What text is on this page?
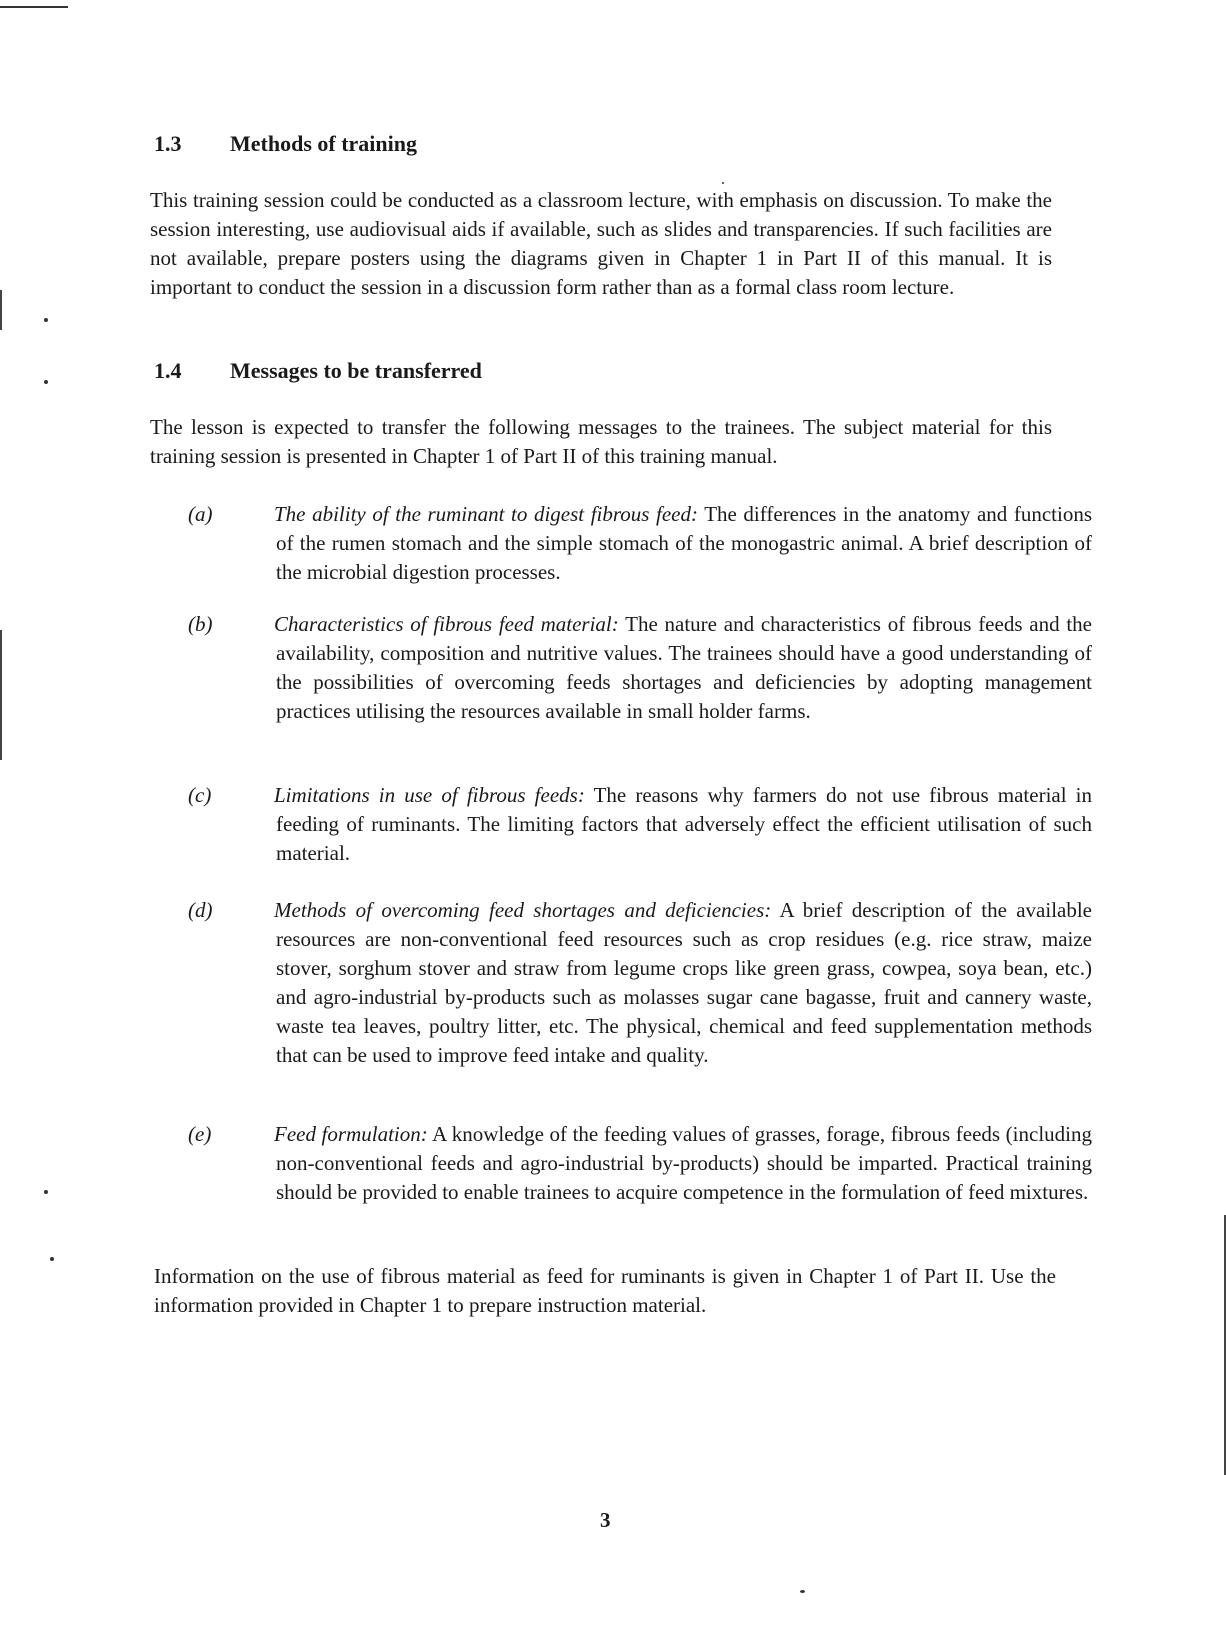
1.3 Methods of training

This training session could be conducted as a classroom lecture, with emphasis on discussion. To make the session interesting, use audiovisual aids if available, such as slides and transparencies. If such facilities are not available, prepare posters using the diagrams given in Chapter 1 in Part II of this manual. It is important to conduct the session in a discussion form rather than as a formal class room lecture.

1.4 Messages to be transferred

The lesson is expected to transfer the following messages to the trainees. The subject material for this training session is presented in Chapter 1 of Part II of this training manual.

(a)	The ability of the ruminant to digest fibrous feed: The differences in the anatomy and functions of the rumen stomach and the simple stomach of the monogastric animal. A brief description of the microbial digestion processes.

(b)	Characteristics of fibrous feed material: The nature and characteristics of fibrous feeds and the availability, composition and nutritive values. The trainees should have a good understanding of the possibilities of overcoming feeds shortages and deficiencies by adopting management practices utilising the resources available in small holder farms.

(c)	Limitations in use of fibrous feeds: The reasons why farmers do not use fibrous material in feeding of ruminants. The limiting factors that adversely effect the efficient utilisation of such material.

(d)	Methods of overcoming feed shortages and deficiencies: A brief description of the available resources are non-conventional feed resources such as crop residues (e.g. rice straw, maize stover, sorghum stover and straw from legume crops like green grass, cowpea, soya bean, etc.) and agro-industrial by-products such as molasses sugar cane bagasse, fruit and cannery waste, waste tea leaves, poultry litter, etc. The physical, chemical and feed supplementation methods that can be used to improve feed intake and quality.

(e)	Feed formulation: A knowledge of the feeding values of grasses, forage, fibrous feeds (including non-conventional feeds and agro-industrial by-products) should be imparted. Practical training should be provided to enable trainees to acquire competence in the formulation of feed mixtures.

Information on the use of fibrous material as feed for ruminants is given in Chapter 1 of Part II. Use the information provided in Chapter 1 to prepare instruction material.

3
